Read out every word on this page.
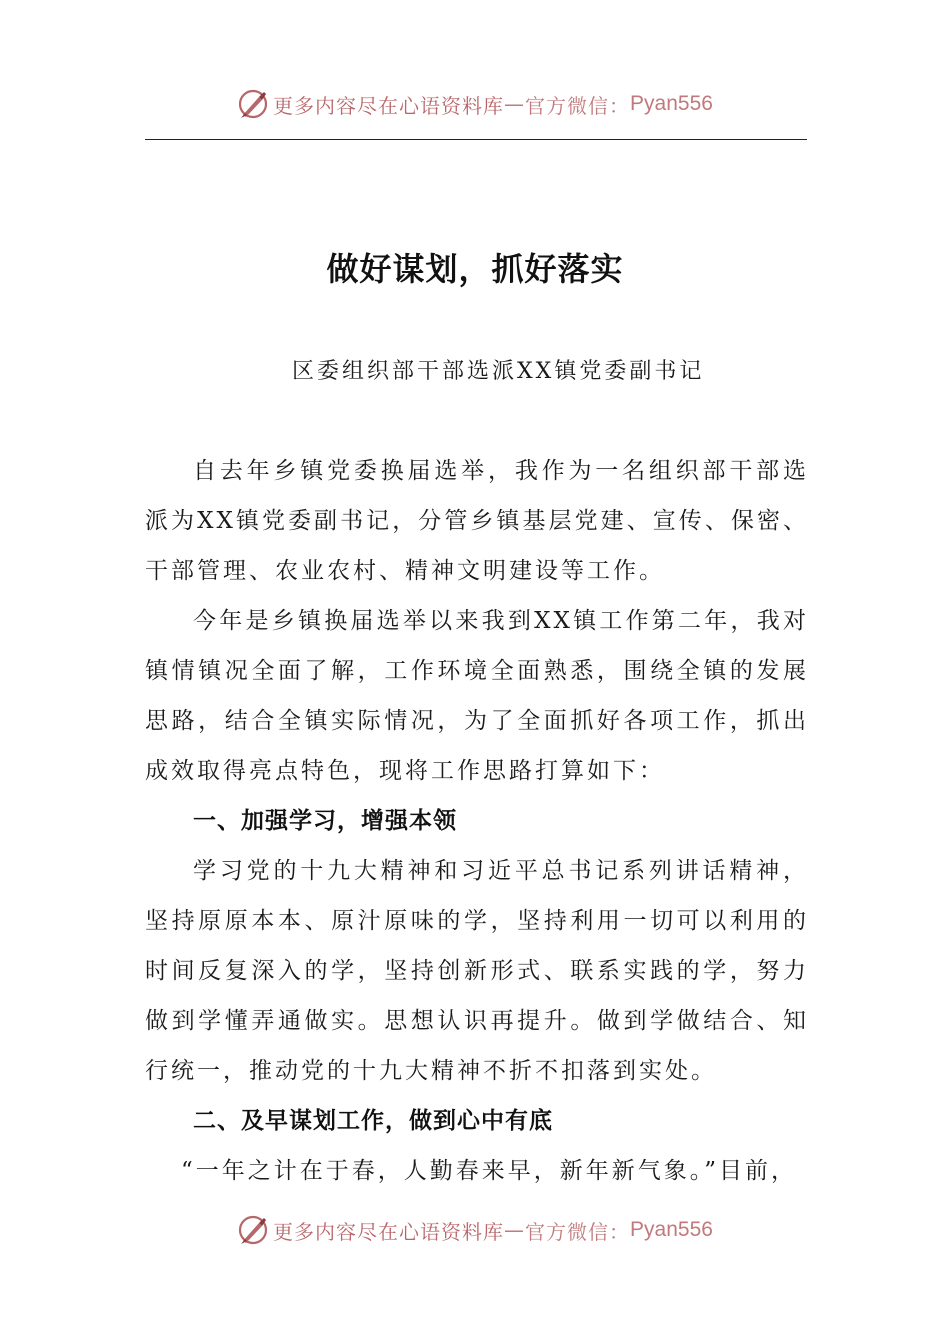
更多内容尽在心语资料库 — 官方微信： Pyan556
做好谋划，抓好落实
区委组织部干部选派XX镇党委副书记

自去年乡镇党委换届选举，我作为一名组织部干部选派为XX镇党委副书记，分管乡镇基层党建、宣传、保密、干部管理、农业农村、精神文明建设等工作。

今年是乡镇换届选举以来我到XX镇工作第二年，我对镇情镇况全面了解，工作环境全面熟悉，围绕全镇的发展思路，结合全镇实际情况，为了全面抓好各项工作，抓出成效取得亮点特色，现将工作思路打算如下：

一、加强学习，增强本领

学习党的十九大精神和习近平总书记系列讲话精神，坚持原原本本、原汁原味的学，坚持利用一切可以利用的时间反复深入的学，坚持创新形式、联系实践的学，努力做到学懂弄通做实。思想认识再提升。做到学做结合、知行统一，推动党的十九大精神不折不扣落到实处。

二、及早谋划工作，做到心中有底

“一年之计在于春，人勤春来早，新年新气象。”目前，

更多内容尽在心语资料库 — 官方微信： Pyan556
